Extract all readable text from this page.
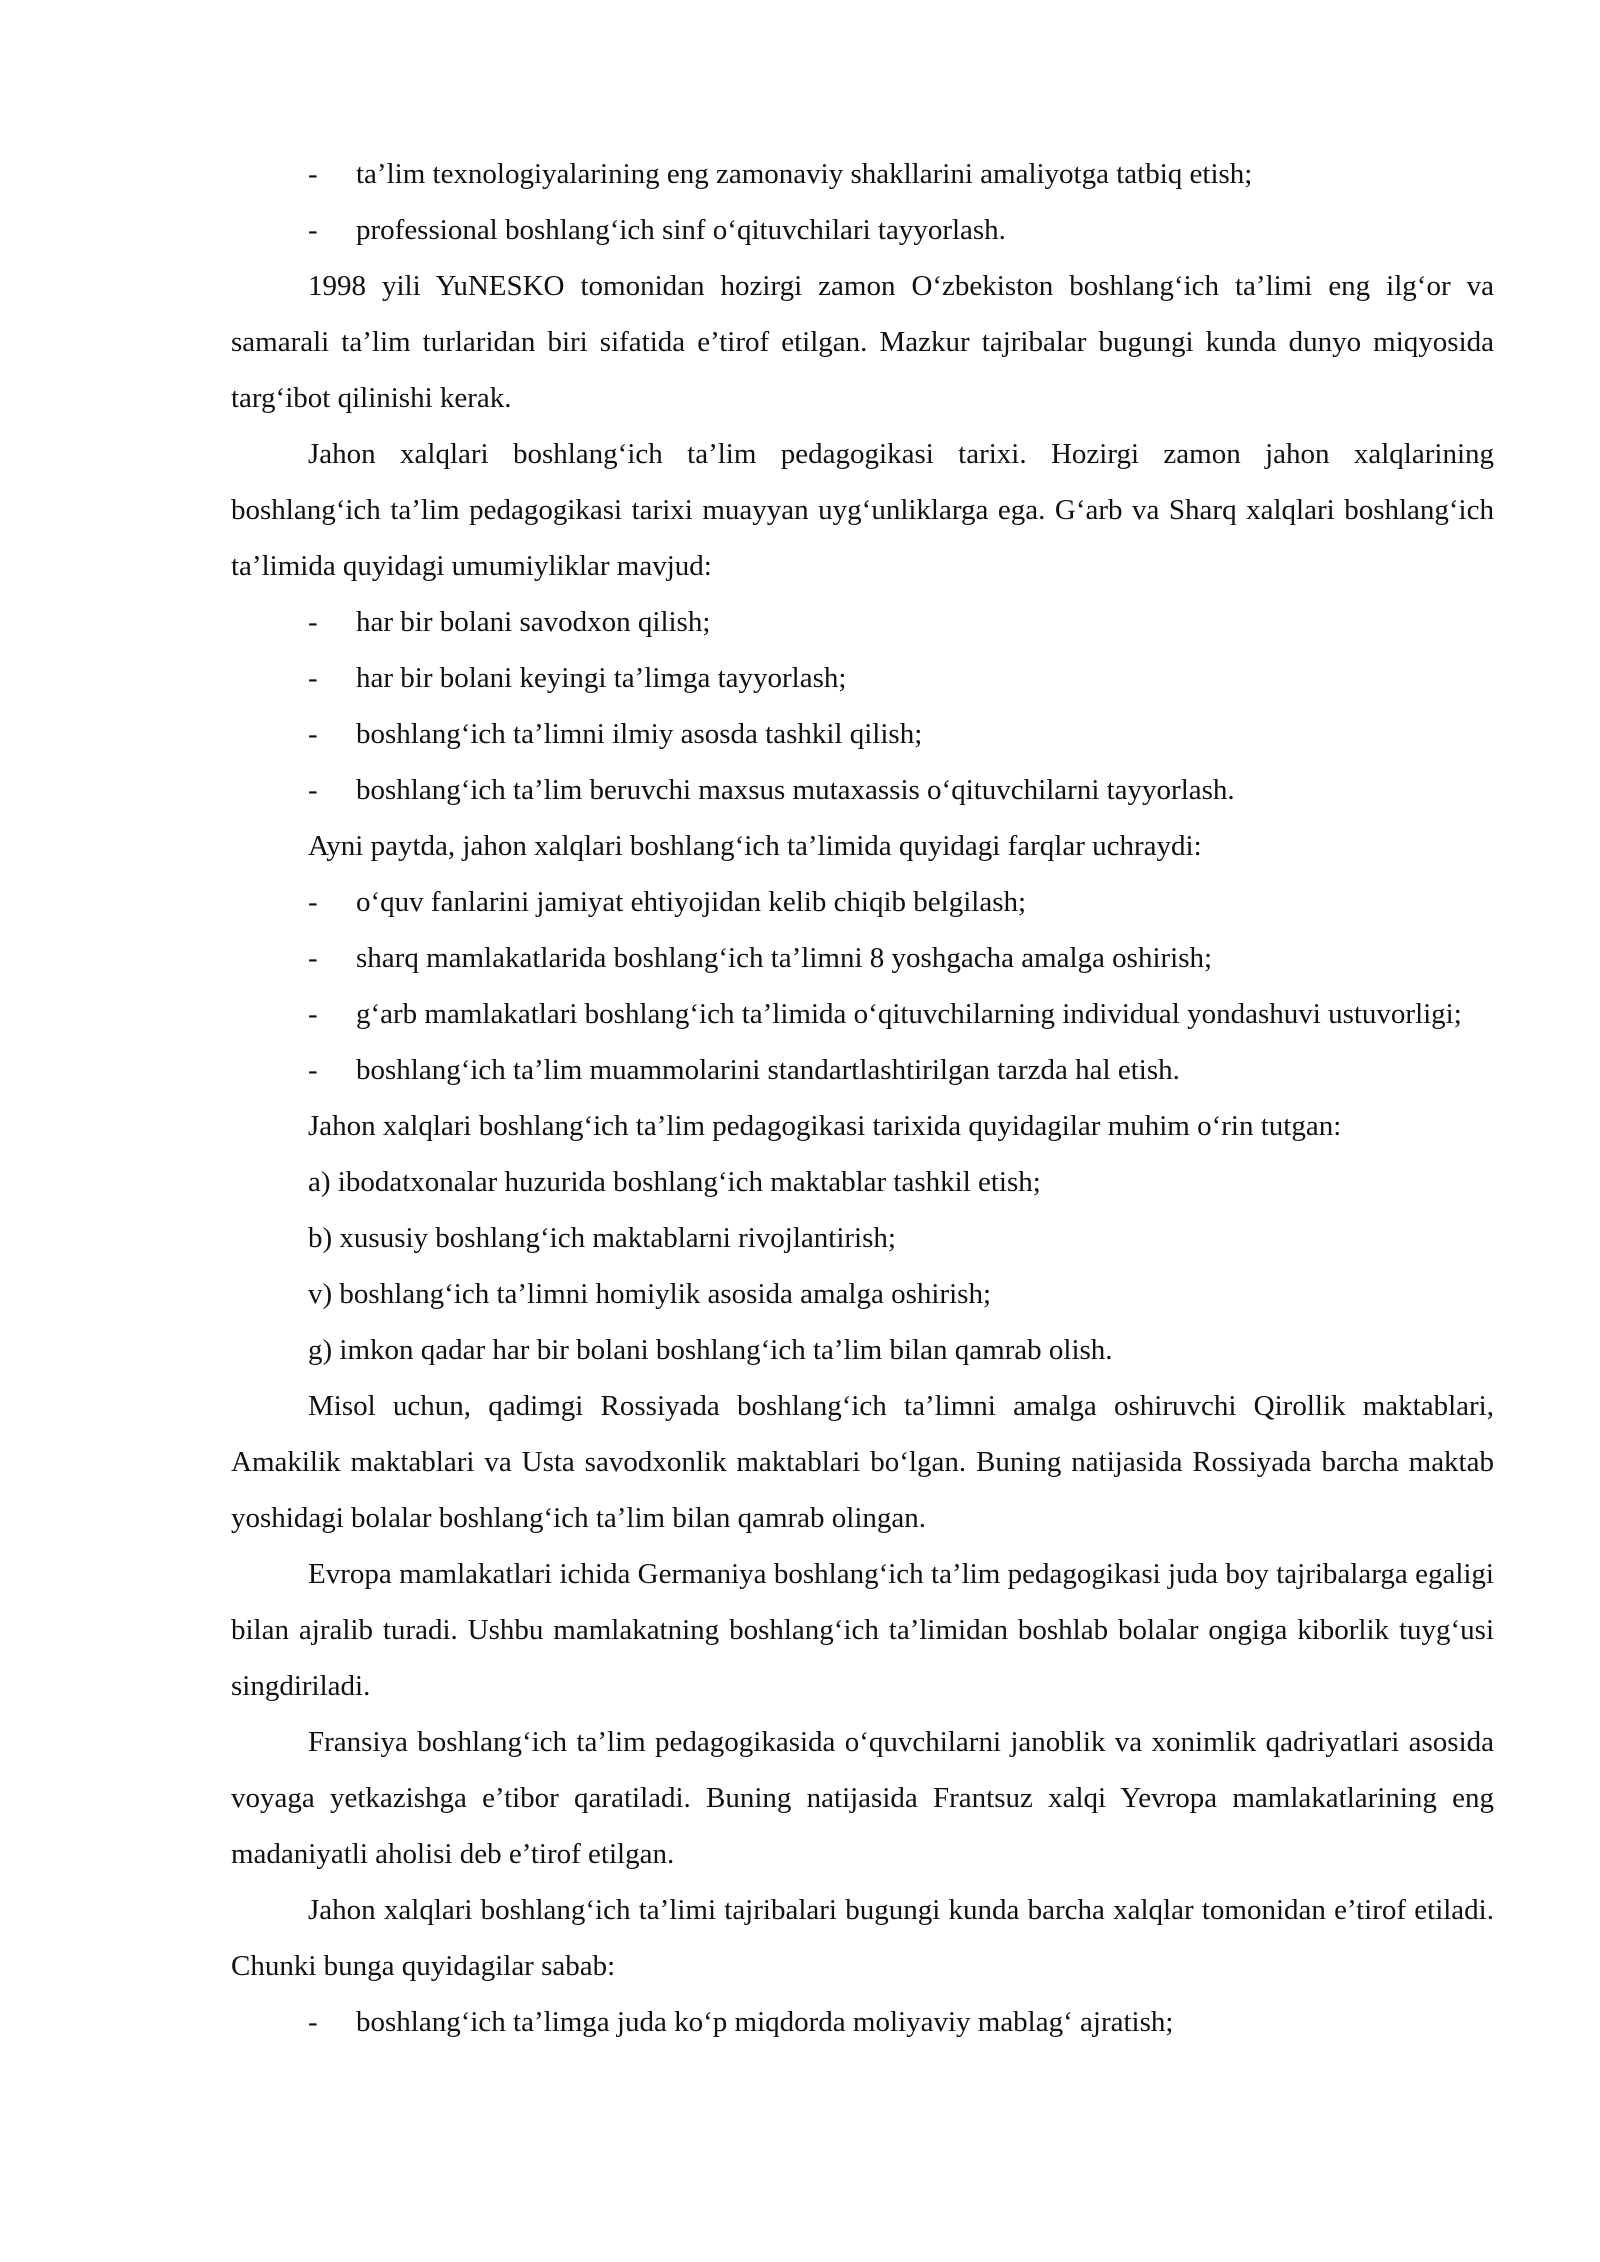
- ta’lim texnologiyalarining eng zamonaviy shakllarini amaliyotga tatbiq etish;
- professional boshlang‘ich sinf o‘qituvchilari tayyorlash.

1998 yili YuNESKO tomonidan hozirgi zamon O‘zbekiston boshlang‘ich ta’limi eng ilg‘or va samarali ta’lim turlaridan biri sifatida e’tirof etilgan. Mazkur tajribalar bugungi kunda dunyo miqyosida targ‘ibot qilinishi kerak.

Jahon xalqlari boshlang‘ich ta’lim pedagogikasi tarixi. Hozirgi zamon jahon xalqlarining boshlang‘ich ta’lim pedagogikasi tarixi muayyan uyg‘unliklarga ega. G‘arb va Sharq xalqlari boshlang‘ich ta’limida quyidagi umumiyliklar mavjud:

- har bir bolani savodxon qilish;
- har bir bolani keyingi ta’limga tayyorlash;
- boshlang‘ich ta’limni ilmiy asosda tashkil qilish;
- boshlang‘ich ta’lim beruvchi maxsus mutaxassis o‘qituvchilarni tayyorlash.

Ayni paytda, jahon xalqlari boshlang‘ich ta’limida quyidagi farqlar uchraydi:

- o‘quv fanlarini jamiyat ehtiyojidan kelib chiqib belgilash;
- sharq mamlakatlarida boshlang‘ich ta’limni 8 yoshgacha amalga oshirish;
- g‘arb mamlakatlari boshlang‘ich ta’limida o‘qituvchilarning individual yondashuvi ustuvorligi;
- boshlang‘ich ta’lim muammolarini standartlashtirilgan tarzda hal etish.

Jahon xalqlari boshlang‘ich ta’lim pedagogikasi tarixida quyidagilar muhim o‘rin tutgan:

a) ibodatxonalar huzurida boshlang‘ich maktablar tashkil etish;

b) xususiy boshlang‘ich maktablarni rivojlantirish;

v) boshlang‘ich ta’limni homiylik asosida amalga oshirish;

g) imkon qadar har bir bolani boshlang‘ich ta’lim bilan qamrab olish.

Misol uchun, qadimgi Rossiyada boshlang‘ich ta’limni amalga oshiruvchi Qirollik maktablari, Amakilik maktablari va Usta savodxonlik maktablari bo‘lgan. Buning natijasida Rossiyada barcha maktab yoshidagi bolalar boshlang‘ich ta’lim bilan qamrab olingan.

Evropa mamlakatlari ichida Germaniya boshlang‘ich ta’lim pedagogikasi juda boy tajribalarga egaligi bilan ajralib turadi. Ushbu mamlakatning boshlang‘ich ta’limidan boshlab bolalar ongiga kiborlik tuyg‘usi singdiriladi.

Fransiya boshlang‘ich ta’lim pedagogikasida o‘quvchilarni janoblik va xonimlik qadriyatlari asosida voyaga yetkazishga e’tibor qaratiladi. Buning natijasida Frantsuz xalqi Yevropa mamlakatlarining eng madaniyatli aholisi deb e’tirof etilgan.

Jahon xalqlari boshlang‘ich ta’limi tajribalari bugungi kunda barcha xalqlar tomonidan e’tirof etiladi. Chunki bunga quyidagilar sabab:

- boshlang‘ich ta’limga juda ko‘p miqdorda moliyaviy mablag‘ ajratish;
